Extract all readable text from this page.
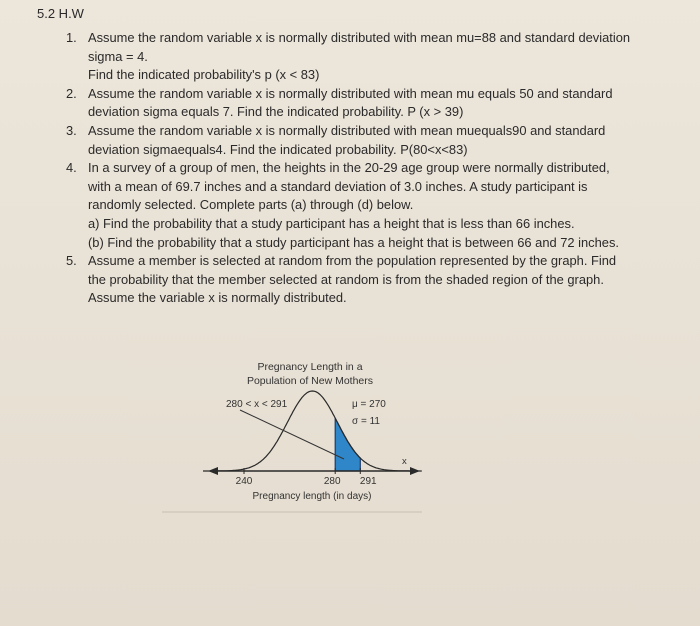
5.2 H.W
1. Assume the random variable x is normally distributed with mean mu=88 and standard deviation
sigma = 4.
Find the indicated probability's p (x < 83)
2. Assume the random variable x is normally distributed with mean mu equals 50 and standard
deviation sigma equals 7. Find the indicated probability. P (x > 39)
3. Assume the random variable x is normally distributed with mean muequals90 and standard
deviation sigmaequals4. Find the indicated probability. P(80<x<83)
4. In a survey of a group of men, the heights in the 20-29 age group were normally distributed,
with a mean of 69.7 inches and a standard deviation of 3.0 inches. A study participant is
randomly selected. Complete parts (a) through (d) below.
a) Find the probability that a study participant has a height that is less than 66 inches.
(b) Find the probability that a study participant has a height that is between 66 and 72 inches.
5. Assume a member is selected at random from the population represented by the graph. Find
the probability that the member selected at random is from the shaded region of the graph.
Assume the variable x is normally distributed.
Pregnancy Length in a
Population of New Mothers
280 < x < 291	μ = 270
σ = 11
x
240	280 291
Pregnancy length (in days)
